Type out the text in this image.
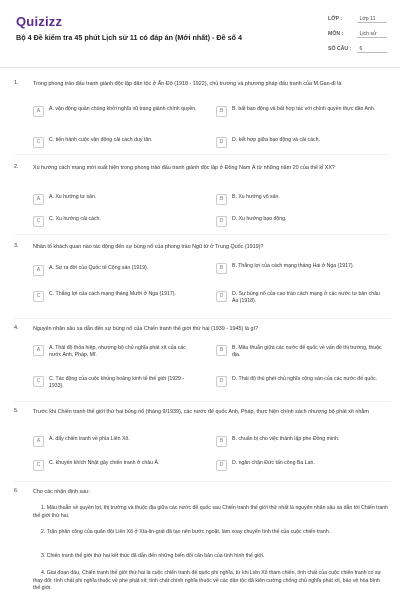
Quizizz
Bộ 4 Đề kiểm tra 45 phút Lịch sử 11 có đáp án (Mới nhất) - Đề số 4
LỚP :	Lớp 11
MÔN :	Lịch sử
SỐ CÂU : 6
1.	Trong phong trào đấu tranh giành độc lập dân tộc ở Ấn Độ (1918 - 1922), chủ trương và phương pháp đấu tranh của M.Gan-đi là
A	A. vận động quần chúng khởi nghĩa vũ trang giành chính quyền.	B	B. bất bạo động và bất hợp tác với chính quyền thực dân Anh.
C	C. tiến hành cuộc vận động cải cách duy tân.	D	D. kết hợp giữa bạo động và cải cách.
2.	Xu hướng cách mạng mới xuất hiện trong phong trào đấu tranh giành độc lập ở Đông Nam Á từ những năm 20 của thế kỉ XX?
A	A. Xu hướng tư sản.	B	B. Xu hướng vô sản.
C	C. Xu hướng cải cách.	D	D. Xu hướng bạo động.
3.	Nhân tố khách quan nào tác động đến sự bùng nổ của phong trào Ngũ tứ ở Trung Quốc (1919)?
A	A. Sự ra đời của Quốc tế Cộng sản (1919).	B	B. Thắng lợi của cách mạng tháng Hai ở Nga (1917).
C	C. Thắng lợi của cách mạng tháng Mười ở Nga (1917).	D	D. Sự bùng nổ của cao trào cách mạng ở các nước tư bản châu Âu (1918).
4.	Nguyên nhân sâu xa dẫn đến sự bùng nổ của Chiến tranh thế giới thứ hai (1939 - 1945) là gì?
A	A. Thái độ thỏa hiệp, nhượng bộ chủ nghĩa phát xít của các nước Anh, Pháp, Mĩ.
B	B. Mâu thuẫn giữa các nước đế quốc về vấn đề thị trường, thuộc địa.
C	C. Tác động của cuộc khủng hoảng kinh tế thế giới (1929 - 1933).
D	D. Thái độ thù ghét chủ nghĩa cộng sản của các nước đế quốc.
5.	Trước khi Chiến tranh thế giới thứ hai bùng nổ (tháng 9/1939), các nước đế quốc Anh, Pháp, thực hiện chính sách nhượng bộ phát xít nhằm
A	A. đẩy chiến tranh về phía Liên Xô.	B	B. chuẩn bị cho việc thành lập phe Đồng minh.
C	C. khuyến khích Nhật gây chiến tranh ở châu Á.	D	D. ngăn chặn Đức tấn công Ba Lan.
6.	Cho các nhận định sau:
1. Mâu thuẫn về quyền lợi, thị trường và thuộc địa giữa các nước đế quốc sau Chiến tranh thế giới thứ nhất là nguyên nhân sâu xa dẫn tới Chiến tranh thế giới thứ hai.
2. Trận phản công của quân đội Liên Xô ở Xta-lin-grát đã tạo nên bước ngoặt, làm xoay chuyển tình thế của cuộc chiến tranh.
3. Chiến tranh thế giới thứ hai kết thúc đã dẫn đến những biến đổi căn bản của tình hình thế giới.
4. Giai đoạn đầu, Chiến tranh thế giới thứ hai là cuộc chiến tranh đế quốc phi nghĩa, từ khi Liên Xô tham chiến, tính chất của cuộc chiến tranh có sự thay đổi: tính chất phi nghĩa thuộc về phe phát xít; tính chất chính nghĩa thuộc về các dân tộc đã kiên cường chống chủ nghĩa phát xít, bảo vệ hòa bình thế giới.
